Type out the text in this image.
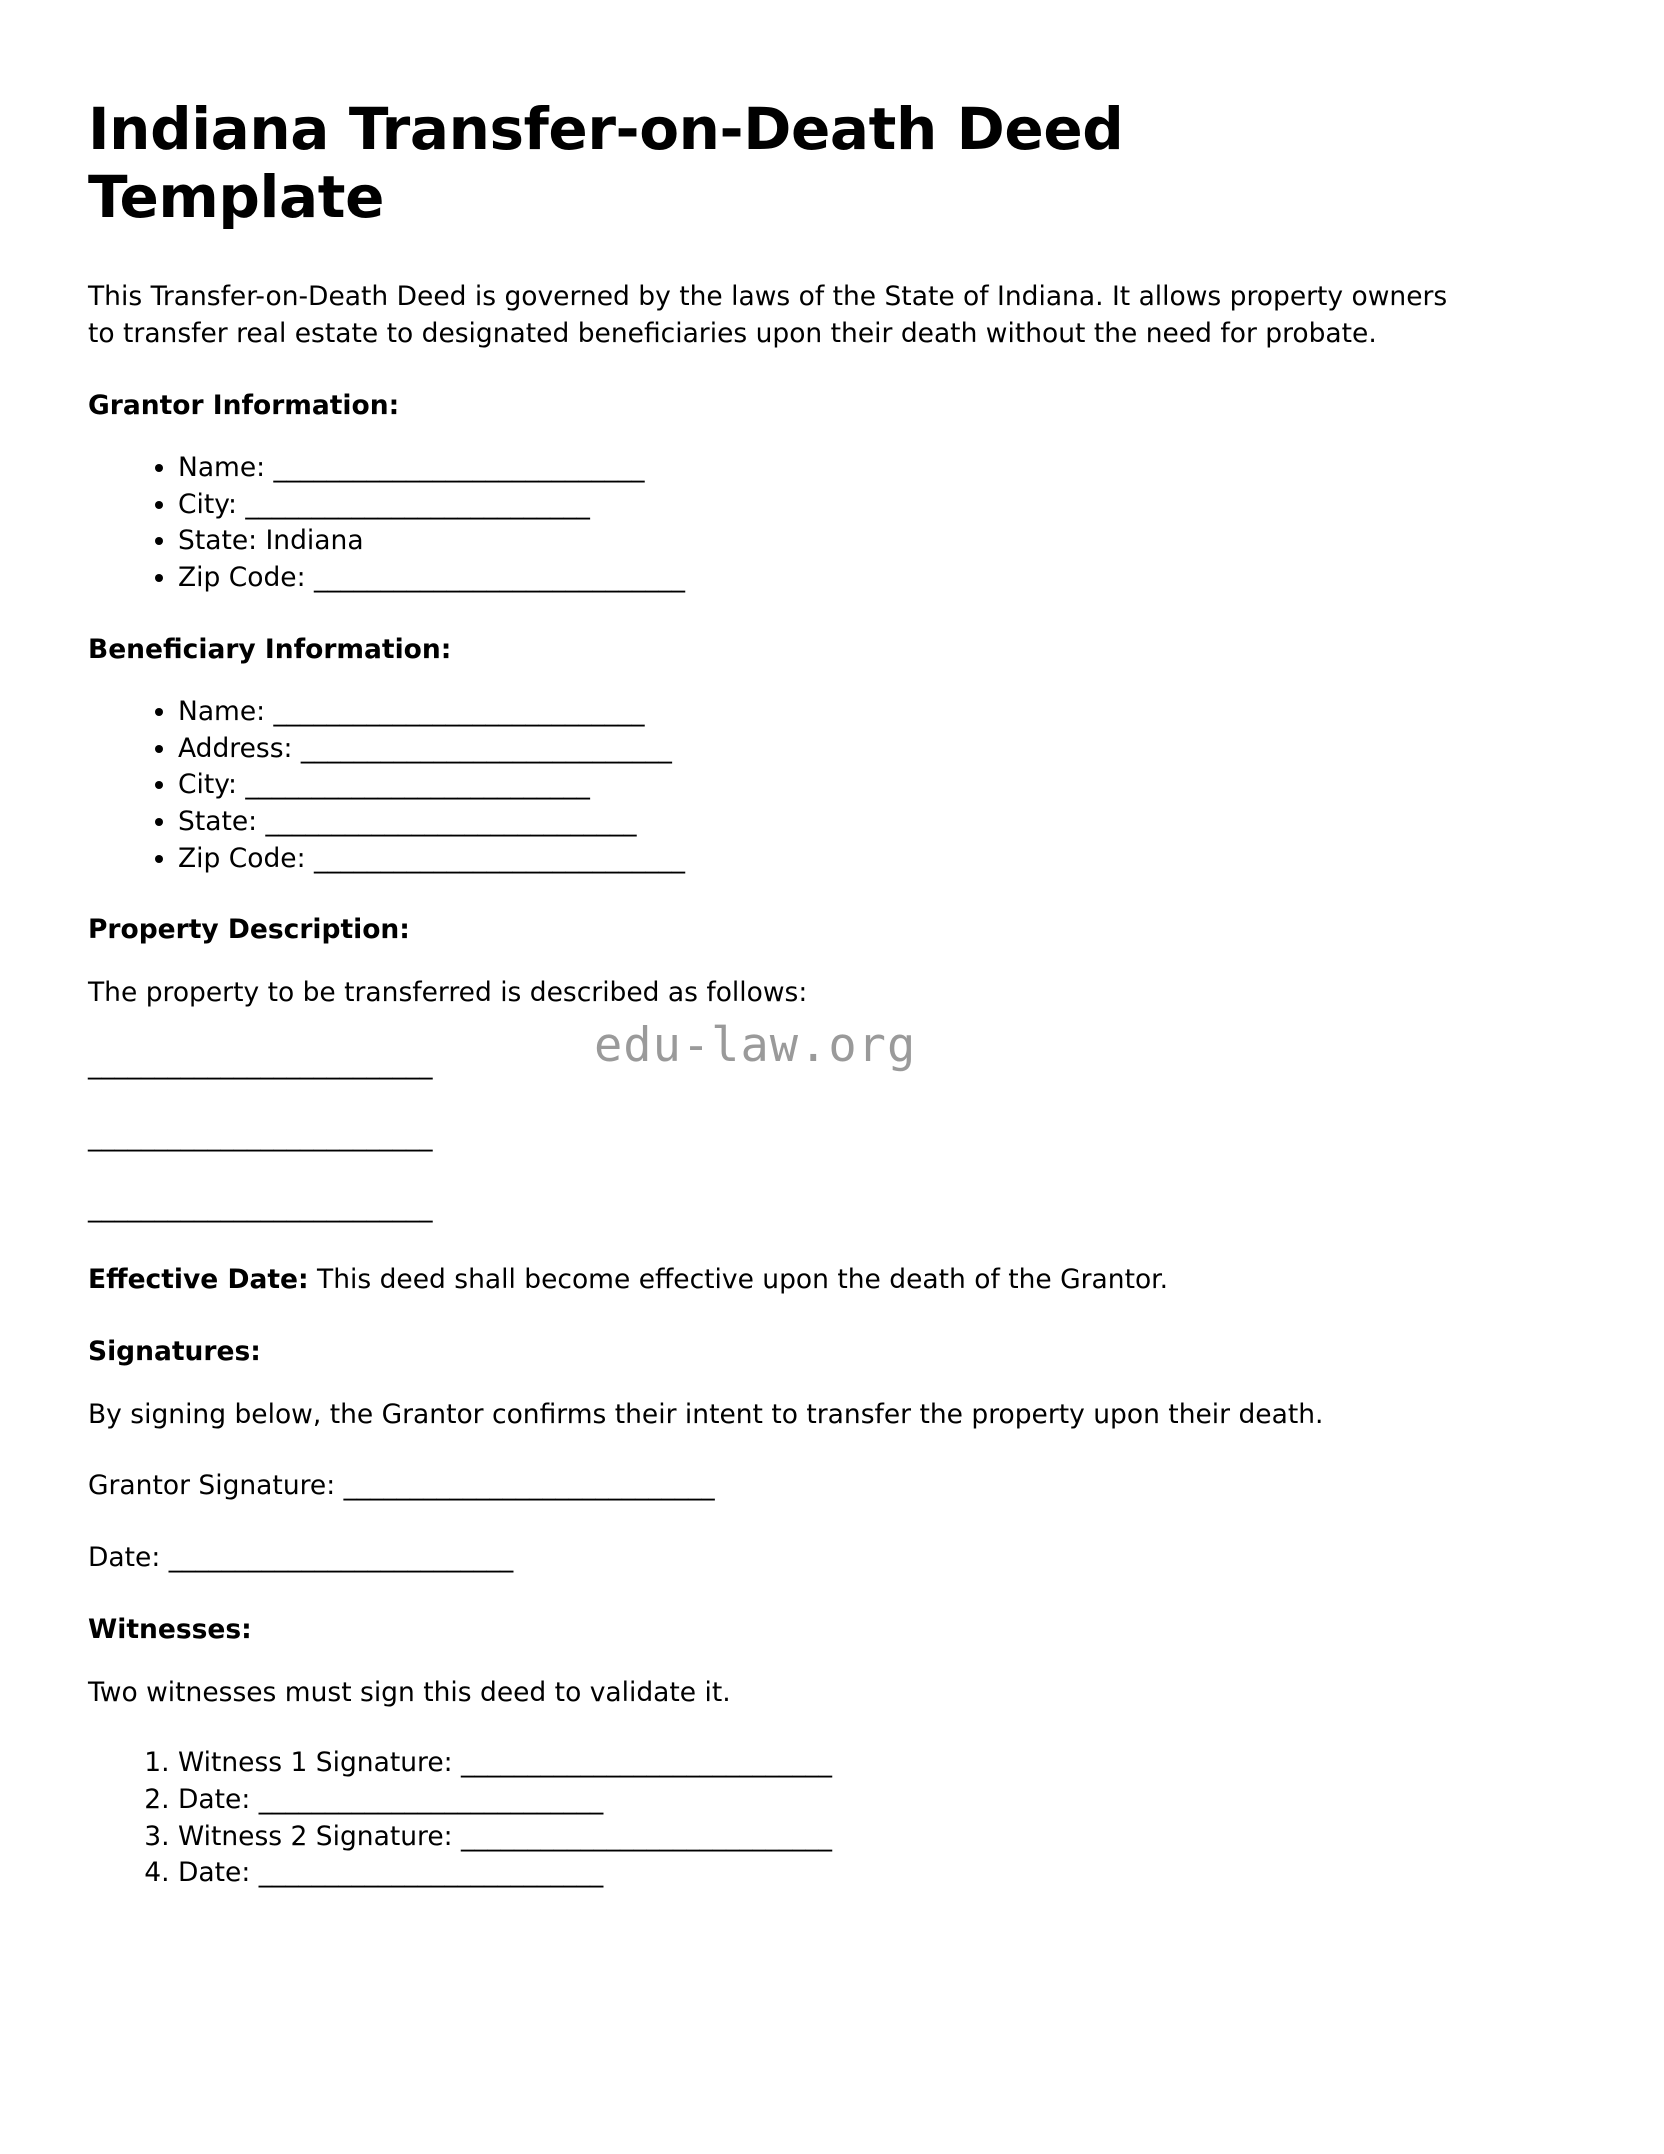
edu-law.org
Indiana Transfer-on-Death Deed Template

This Transfer-on-Death Deed is governed by the laws of the State of Indiana. It allows property owners to transfer real estate to designated beneficiaries upon their death without the need for probate.

Grantor Information:
• Name: ____________________________
• City: __________________________
• State: Indiana
• Zip Code: ____________________________
Beneficiary Information:
• Name: ____________________________
• Address: ____________________________
• City: __________________________
• State: ____________________________
• Zip Code: ____________________________
Property Description:

The property to be transferred is described as follows:

__________________________
__________________________
__________________________

Effective Date: This deed shall become effective upon the death of the Grantor.

Signatures:

By signing below, the Grantor confirms their intent to transfer the property upon their death.

Grantor Signature: ____________________________
Date: __________________________
Witnesses:

Two witnesses must sign this deed to validate it.

1. Witness 1 Signature: ____________________________
2. Date: __________________________
3. Witness 2 Signature: ____________________________
4. Date: __________________________
